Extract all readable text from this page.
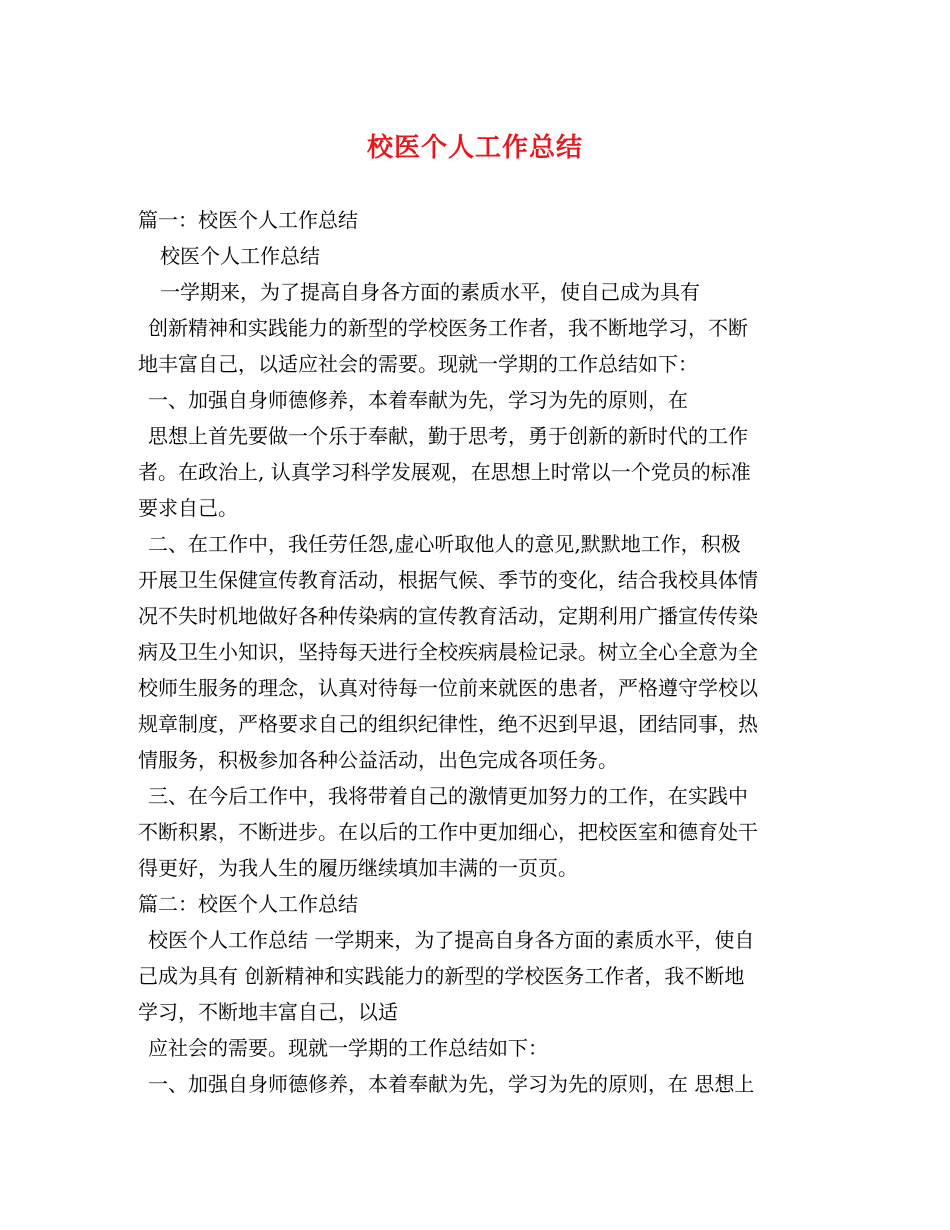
校医个人工作总结
篇一：校医个人工作总结
校医个人工作总结
一学期来，为了提高自身各方面的素质水平，使自己成为具有
创新精神和实践能力的新型的学校医务工作者，我不断地学习，不断
地丰富自己，以适应社会的需要。现就一学期的工作总结如下：
一、加强自身师德修养，本着奉献为先，学习为先的原则，在
思想上首先要做一个乐于奉献，勤于思考，勇于创新的新时代的工作
者。在政治上, 认真学习科学发展观，在思想上时常以一个党员的标准
要求自己。
二、在工作中，我任劳任怨,虚心听取他人的意见,默默地工作，积极
开展卫生保健宣传教育活动，根据气候、季节的变化，结合我校具体情
况不失时机地做好各种传染病的宣传教育活动，定期利用广播宣传传染
病及卫生小知识，坚持每天进行全校疾病晨检记录。树立全心全意为全
校师生服务的理念，认真对待每一位前来就医的患者，严格遵守学校以
规章制度，严格要求自己的组织纪律性，绝不迟到早退，团结同事，热
情服务，积极参加各种公益活动，出色完成各项任务。
三、在今后工作中，我将带着自己的激情更加努力的工作，在实践中
不断积累，不断进步。在以后的工作中更加细心，把校医室和德育处干
得更好，为我人生的履历继续填加丰满的一页页。
篇二：校医个人工作总结
校医个人工作总结 一学期来，为了提高自身各方面的素质水平，使自
己成为具有 创新精神和实践能力的新型的学校医务工作者，我不断地
学习，不断地丰富自己，以适
应社会的需要。现就一学期的工作总结如下：
一、加强自身师德修养，本着奉献为先，学习为先的原则，在 思想上
